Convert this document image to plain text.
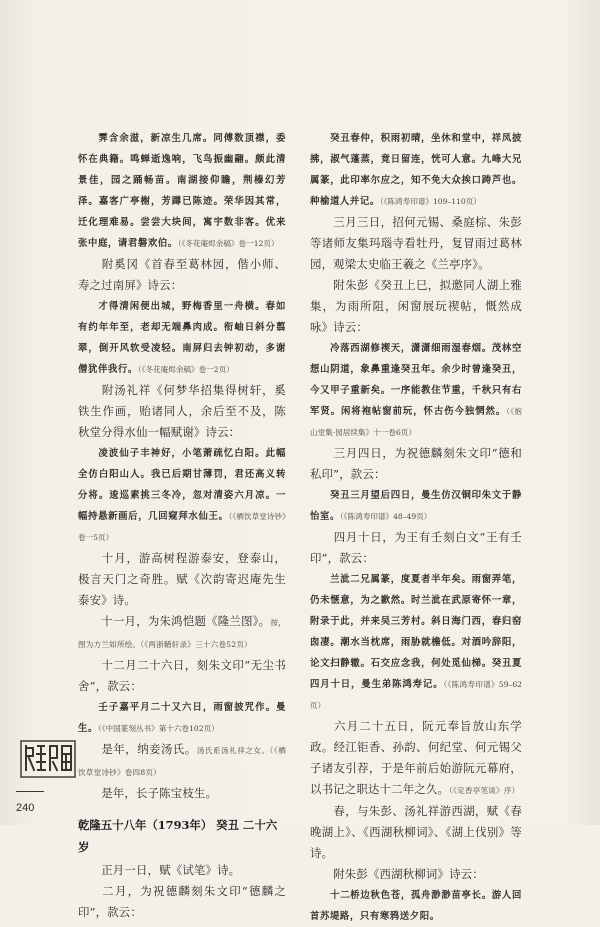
  霁含余滋，新凉生几席。同傅数顶襟，委怀在典籍。鸣蝉逝逸响，飞鸟振幽翮。颇此清景佳，园之踊畅苗。南湖接仰瞻，荆榛幻芳泽。嘉客广亭榭，芳蹲已陈迹。荣华因其常，迁化理难易。尝尝大块间，寓宇数非客。优来张中庭，请君磐欢伯。（《冬花庵烬余稿》卷一12页）
  附奚冈《首春至葛林园，偕小师、寿之过南屏》诗云：
  才得清闲便出城，野梅香里一舟横。春如有约年年至，老却无端鼻肉成。衔岫日斜分翦翠，倒开风软受凌轻。南屏归去钟初动，多谢僧犹伴我行。（《冬花庵烬余稿》卷一2页）
  附汤礼祥《何梦华招集得树轩，奚铁生作画，贻诸同人，余后至不及，陈秋堂分得水仙一幅赋谢》诗云：
  凌波仙子丰神好，小笔萧疏忆白阳。此幅全仿白阳山人。我已后期甘薄罚，君还高义转分将。逡巡素挑三冬冷，忽对清姿六月凉。一幅持悬新画后，几回窥拜水仙王。（《栖饮草堂诗钞》卷一5页）
  十月，游高树程游泰安，登泰山，极言天门之奇胜。赋《次韵寄迟庵先生泰安》诗。
  十一月，为朱鸿恺题《隆兰图》。按，图为方兰如所绘。（《两浙輶轩录》三十六卷52页）
  十二月二十六日，刻朱文印“无尘书舍”，款云：
  壬子嘉平月二十又六日，雨窗披咒作。曼生。（《中国篆刻丛书》第十六卷102页）
  是年，纳妾汤氏。汤氏系汤礼祥之女。（《栖饮草堂诗钞》卷四8页）
  是年，长子陈宝枝生。
乾隆五十八年（1793年） 癸丑 二十六岁
  正月一日，赋《试笔》诗。
  二月，为祝德麟刻朱文印“德麟之印”，款云：
  癸丑春仲，积雨初晴，坐休和堂中，祥凤披拂，淑气蓬蒸，竟日留连，恍可人意。九峰大兄属篆，此印率尔应之，知不免大众挨口踌芦也。种榆道人并记。（《陈鸿寿印谱》109–110页）
  三月三日，招何元锡、桑庭棕、朱彭等诸师友集玛瑙寺看牡丹，复冒雨过葛林园，观梁太史临王羲之《兰亭序》。
  附朱彭《癸丑上巳，拟邀同人湖上雅集，为雨所阻，闲窗展玩禊帖，慨然成咏》诗云：
  冷落西湖修禊天，潇潇细雨湿春烟。茂林空想山阴道，象鼻重逢癸丑年。余少时曾逢癸丑，今又甲子重新矣。一序能教住节重，千秋只有右军贤。闲将袍帖窗前玩，怀古伤今独惘然。（《抱山堂集·园居续集》十一卷6页）
  三月四日，为祝德麟刻朱文印“德和私印”，款云：
  癸丑三月望后四日，曼生仿汉铜印朱文于静怡室。（《陈鸿寿印谱》48–49页）
  四月十日，为王有壬刻白文“王有壬印”，款云：
  兰泚二兄属篆，度夏者半年矣。雨窗弄笔，仍未惬意，为之歉然。时兰泚在武原寄怀一章，附录于此，并来吴三芳村。斜日海门西，春归窑囱凄。潮水当枕席，雨胁就檐低。对酒吟辞阳，论文扫静辙。石交应念我，何处觅仙梯。癸丑夏四月十日，曼生弟陈鸿寿记。（《陈鸿寿印谱》59–62页）
  六月二十五日，阮元奉旨放山东学政。经江钜香、孙韵、何纪堂、何元锡父子诸友引荐，于是年前后始游阮元幕府，以书记之职达十二年之久。（《定香亭笔谈》序）
  春，与朱彭、汤礼祥游西湖，赋《春晚湖上》、《西湖秋柳词》、《湖上伐别》等诗。
  附朱彭《西湖秋柳词》诗云：
  十二桥边秋色苍，孤舟渺渺苗亭长。游人回首苏堤路，只有寒鸦送夕阳。
240
